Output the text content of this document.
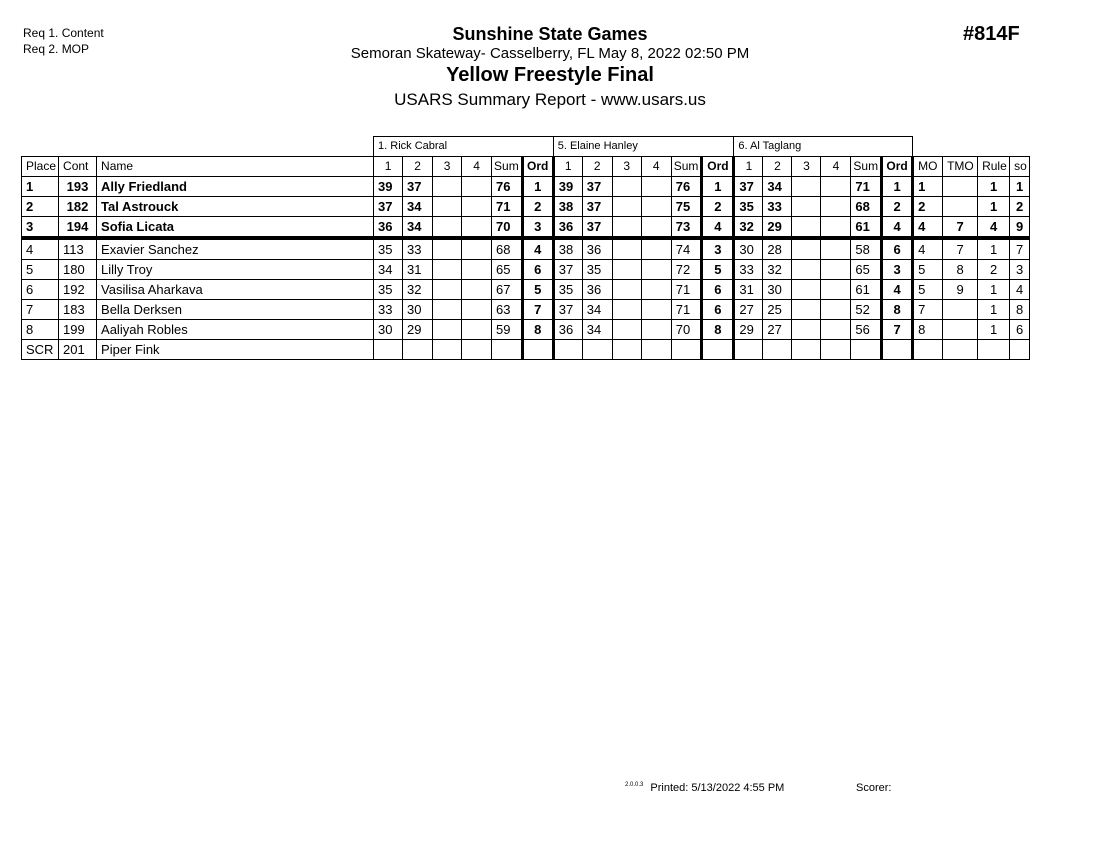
Req 1. Content
Req 2. MOP
Sunshine State Games
Semoran Skateway- Casselberry, FL May 8, 2022 02:50 PM
Yellow Freestyle Final
USARS Summary Report - www.usars.us
#814F
			1. Rick Cabral						5. Elaine Hanley						6. Al Taglang									
Place	Cont	Name	1	2	3	4	Sum	Ord	1	2	3	4	Sum	Ord	1	2	3	4	Sum	Ord	MO	TMO	Rule	so
1	193	Ally Friedland	39	37			76	1	39	37			76	1	37	34			71	1	1		1	1
2	182	Tal Astrouck	37	34			71	2	38	37			75	2	35	33			68	2	2		1	2
3	194	Sofia Licata	36	34			70	3	36	37			73	4	32	29			61	4	4	7	4	9
4	113	Exavier Sanchez	35	33			68	4	38	36			74	3	30	28			58	6	4	7	1	7
5	180	Lilly Troy	34	31			65	6	37	35			72	5	33	32			65	3	5	8	2	3
6	192	Vasilisa Aharkava	35	32			67	5	35	36			71	6	31	30			61	4	5	9	1	4
7	183	Bella Derksen	33	30			63	7	37	34			71	6	27	25			52	8	7		1	8
8	199	Aaliyah Robles	30	29			59	8	36	34			70	8	29	27			56	7	8		1	6
SCR	201	Piper Fink																						
$^{2.0.0.3}$ Printed: 5/13/2022 4:55 PM	Scorer:
